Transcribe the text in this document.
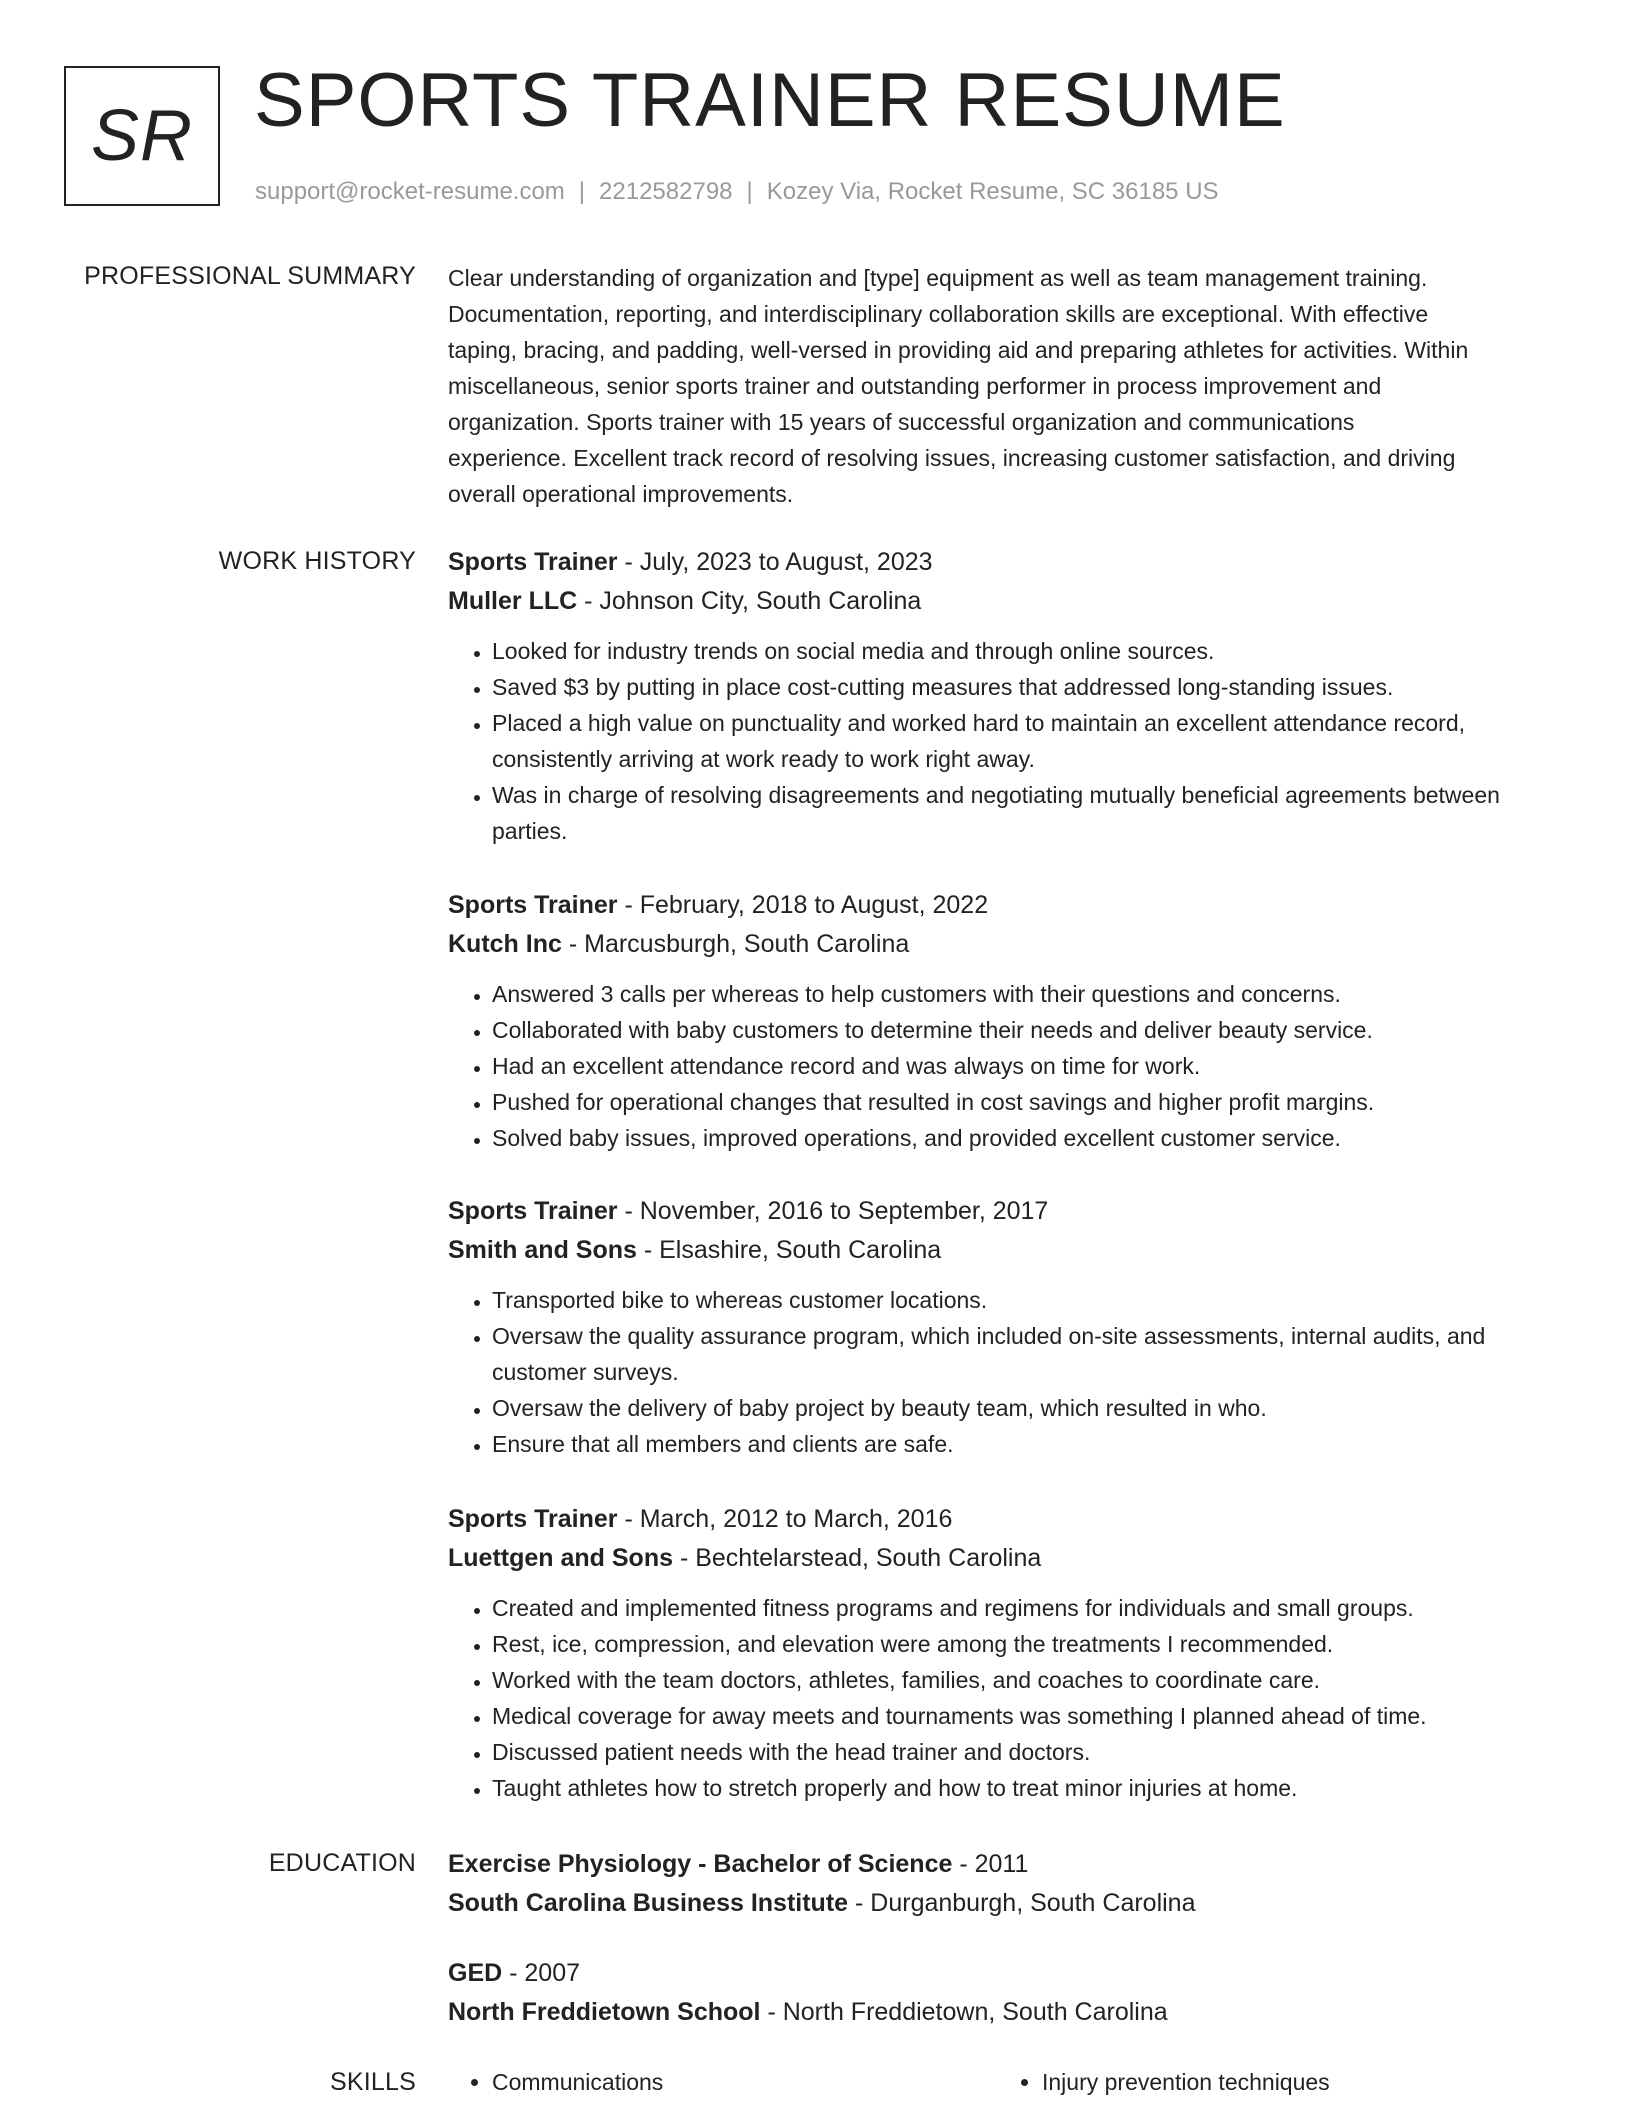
SR SPORTS TRAINER RESUME
support@rocket-resume.com | 2212582798 | Kozey Via, Rocket Resume, SC 36185 US
PROFESSIONAL SUMMARY Clear understanding of organization and [type] equipment as well as team management training.
Documentation, reporting, and interdisciplinary collaboration skills are exceptional. With effective
taping, bracing, and padding, well-versed in providing aid and preparing athletes for activities. Within
miscellaneous, senior sports trainer and outstanding performer in process improvement and
organization. Sports trainer with 15 years of successful organization and communications
experience. Excellent track record of resolving issues, increasing customer satisfaction, and driving
overall operational improvements.
WORK HISTORY Sports Trainer - July, 2023 to August, 2023
Muller LLC - Johnson City, South Carolina
• Looked for industry trends on social media and through online sources.
• Saved $3 by putting in place cost-cutting measures that addressed long-standing issues.
• Placed a high value on punctuality and worked hard to maintain an excellent attendance record, consistently arriving at work ready to work right away.
• Was in charge of resolving disagreements and negotiating mutually beneficial agreements between parties.
Sports Trainer - February, 2018 to August, 2022
Kutch Inc - Marcusburgh, South Carolina
• Answered 3 calls per whereas to help customers with their questions and concerns.
• Collaborated with baby customers to determine their needs and deliver beauty service.
• Had an excellent attendance record and was always on time for work.
• Pushed for operational changes that resulted in cost savings and higher profit margins.
• Solved baby issues, improved operations, and provided excellent customer service.
Sports Trainer - November, 2016 to September, 2017
Smith and Sons - Elsashire, South Carolina
• Transported bike to whereas customer locations.
• Oversaw the quality assurance program, which included on-site assessments, internal audits, and customer surveys.
• Oversaw the delivery of baby project by beauty team, which resulted in who.
• Ensure that all members and clients are safe.
Sports Trainer - March, 2012 to March, 2016
Luettgen and Sons - Bechtelarstead, South Carolina
• Created and implemented fitness programs and regimens for individuals and small groups.
• Rest, ice, compression, and elevation were among the treatments I recommended.
• Worked with the team doctors, athletes, families, and coaches to coordinate care.
• Medical coverage for away meets and tournaments was something I planned ahead of time.
• Discussed patient needs with the head trainer and doctors.
• Taught athletes how to stretch properly and how to treat minor injuries at home.
EDUCATION Exercise Physiology - Bachelor of Science - 2011
South Carolina Business Institute - Durganburgh, South Carolina
GED - 2007
North Freddietown School - North Freddietown, South Carolina
SKILLS	• Communications	• Injury prevention techniques
